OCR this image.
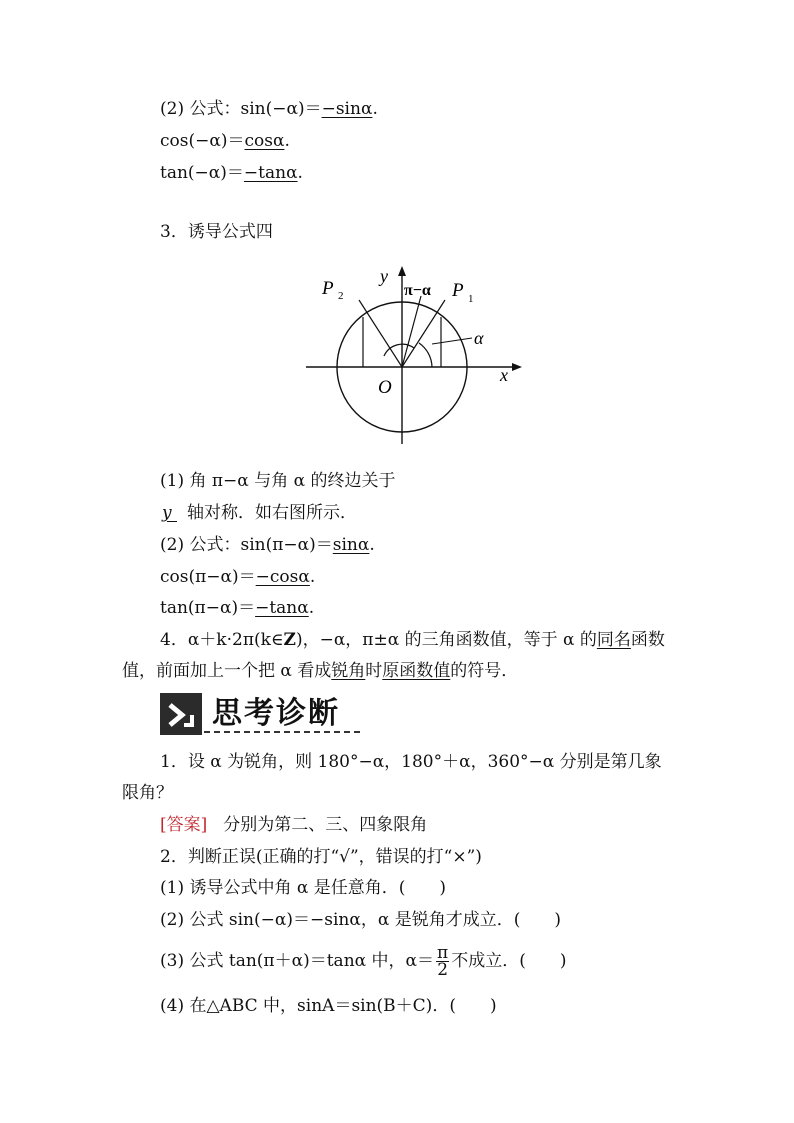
(2) 公式：sin(−α)＝−sinα.
cos(−α)＝cosα.
tan(−α)＝−tanα.
3．诱导公式四
P 2	P 1
y
x
O
π−α
α
(1) 角 π−α 与角 α 的终边关于
y 轴对称．如右图所示．
(2) 公式：sin(π−α)＝sinα.
cos(π−α)＝−cosα.
tan(π−α)＝−tanα.
4．α＋k·2π(k∈Z)，−α，π±α 的三角函数值，等于 α 的同名函数
值，前面加上一个把 α 看成锐角时原函数值的符号．
思考诊断
1．设 α 为锐角，则 180°−α，180°＋α，360°−α 分别是第几象
限角？
[答案] 分别为第二、三、四象限角
2．判断正误(正确的打“√”，错误的打“×”)
(1) 诱导公式中角 α 是任意角．(　　)
(2) 公式 sin(−α)＝−sinα，α 是锐角才成立．(　　)
(3) 公式 tan(π＋α)＝tanα 中，$\alpha= \frac{\pi}{2}$ 不成立．(　　)
(4) 在△ABC 中，sinA＝sin(B＋C)．(　　)
